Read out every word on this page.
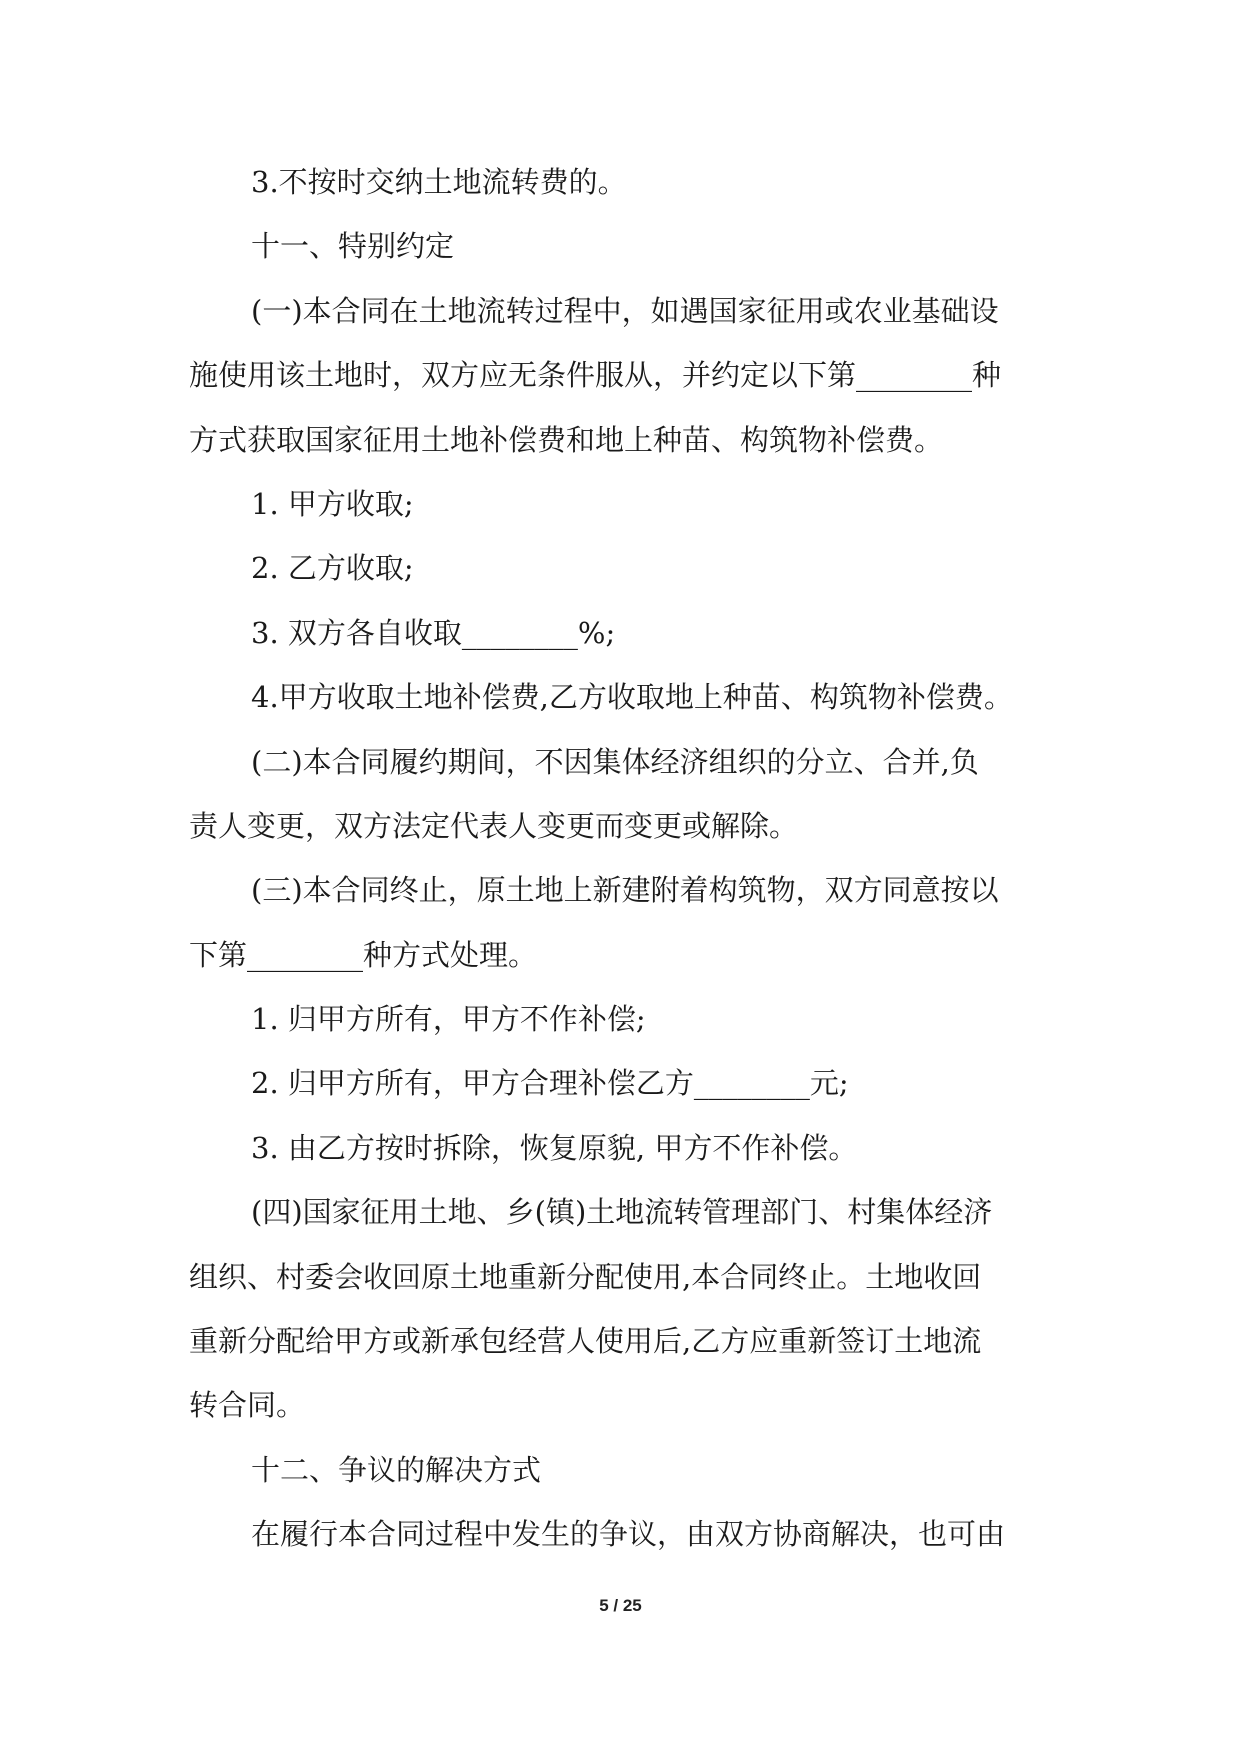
3.不按时交纳土地流转费的。
十一、特别约定
(一)本合同在土地流转过程中，如遇国家征用或农业基础设
施使用该土地时，双方应无条件服从，并约定以下第________种
方式获取国家征用土地补偿费和地上种苗、构筑物补偿费。
1. 甲方收取;
2. 乙方收取;
3. 双方各自收取________%;
4.甲方收取土地补偿费,乙方收取地上种苗、构筑物补偿费。
(二)本合同履约期间，不因集体经济组织的分立、合并,负
责人变更，双方法定代表人变更而变更或解除。
(三)本合同终止，原土地上新建附着构筑物，双方同意按以
下第________种方式处理。
1. 归甲方所有，甲方不作补偿;
2. 归甲方所有，甲方合理补偿乙方________元;
3. 由乙方按时拆除，恢复原貌, 甲方不作补偿。
(四)国家征用土地、乡(镇)土地流转管理部门、村集体经济
组织、村委会收回原土地重新分配使用,本合同终止。土地收回
重新分配给甲方或新承包经营人使用后,乙方应重新签订土地流
转合同。
十二、争议的解决方式
在履行本合同过程中发生的争议，由双方协商解决，也可由
5 / 25
